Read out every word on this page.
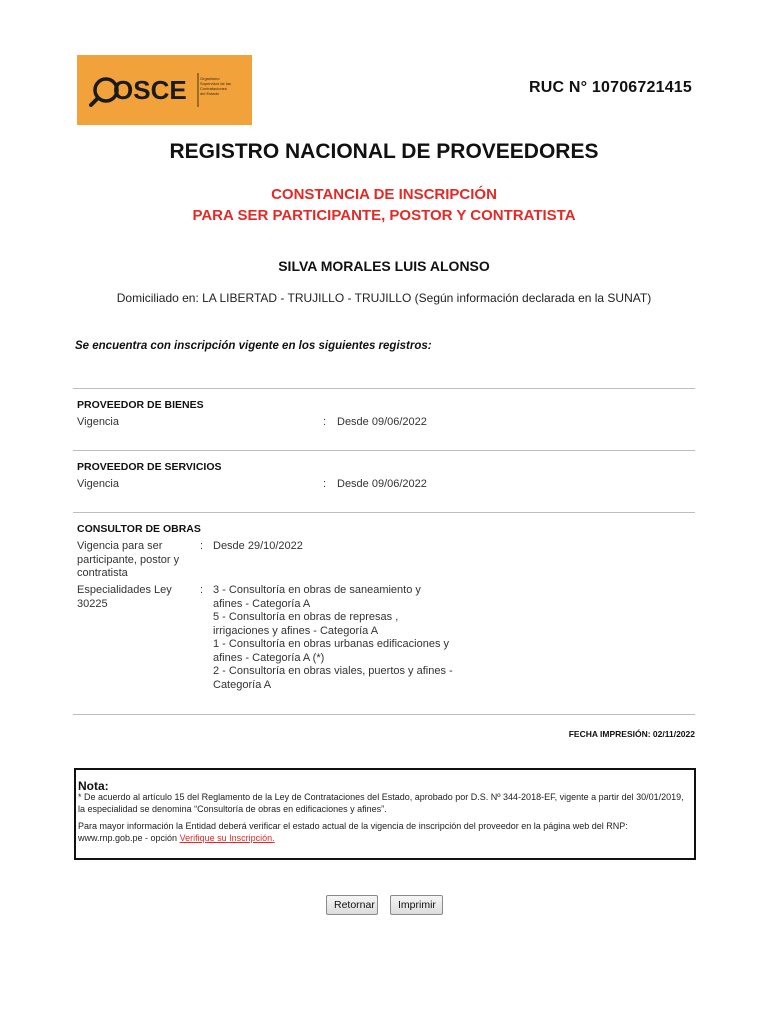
OSCE	Organismo
Supervisor de las
Contrataciones
del Estado	RUC N° 10706721415
REGISTRO NACIONAL DE PROVEEDORES
CONSTANCIA DE INSCRIPCIÓN
PARA SER PARTICIPANTE, POSTOR Y CONTRATISTA
SILVA MORALES LUIS ALONSO
Domiciliado en: LA LIBERTAD - TRUJILLO - TRUJILLO (Según información declarada en la SUNAT)
Se encuentra con inscripción vigente en los siguientes registros:
PROVEEDOR DE BIENES
Vigencia	: Desde 09/06/2022
PROVEEDOR DE SERVICIOS
Vigencia	: Desde 09/06/2022
CONSULTOR DE OBRAS
Vigencia para ser
participante, postor y
contratista
: Desde 29/10/2022
Especialidades Ley
30225
: 3 - Consultoría en obras de saneamiento y
afines - Categoría A
5 - Consultoría en obras de represas ,
irrigaciones y afines - Categoría A
1 - Consultoría en obras urbanas edificaciones y
afines - Categoría A (*)
2 - Consultoría en obras viales, puertos y afines -
Categoría A
FECHA IMPRESIÓN: 02/11/2022
Nota:
* De acuerdo al artículo 15 del Reglamento de la Ley de Contrataciones del Estado, aprobado por D.S. Nº 344-2018-EF, vigente a partir del 30/01/2019, la especialidad se denomina “Consultoría de obras en edificaciones y afines”.
Para mayor información la Entidad deberá verificar el estado actual de la vigencia de inscripción del proveedor en la página web del RNP: www.rnp.gob.pe - opción Verifique su Inscripción.
Retornar	Imprimir
